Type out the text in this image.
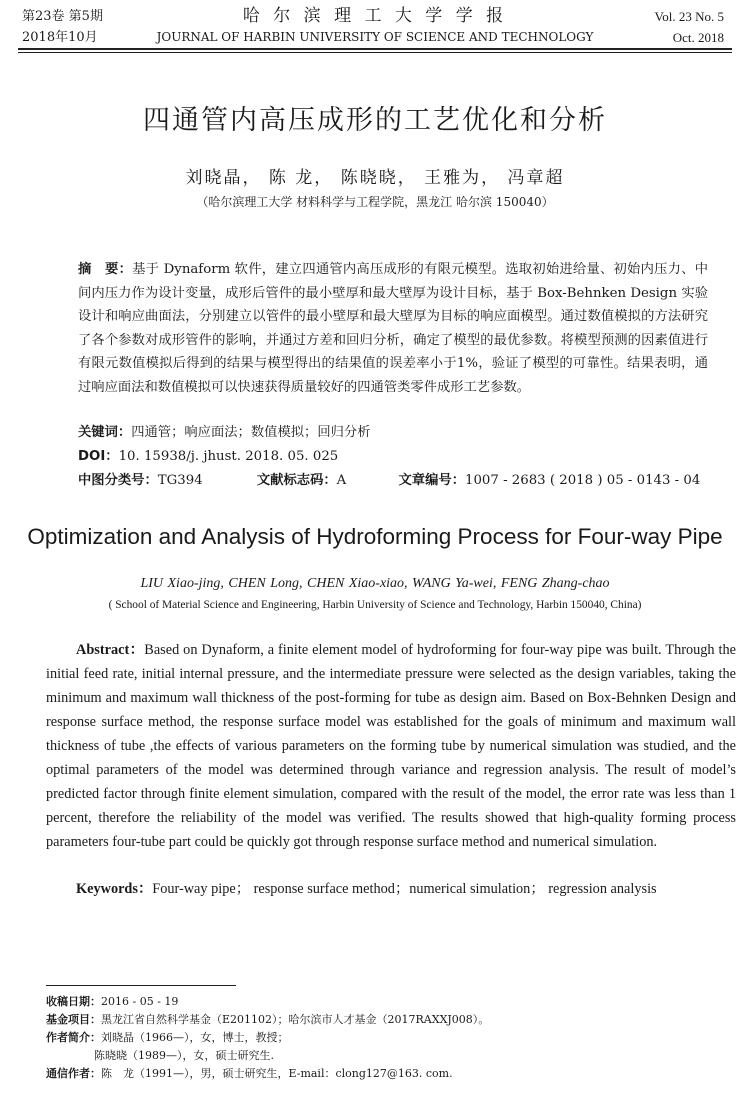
第23卷 第5期
2018年10月
哈 尔 滨 理 工 大 学 学 报
JOURNAL OF HARBIN UNIVERSITY OF SCIENCE AND TECHNOLOGY
Vol. 23 No. 5
Oct. 2018
四通管内高压成形的工艺优化和分析
刘晓晶， 陈 龙， 陈晓晓， 王雅为， 冯章超
（哈尔滨理工大学 材料科学与工程学院，黑龙江 哈尔滨 150040）
摘　要：基于 Dynaform 软件，建立四通管内高压成形的有限元模型。选取初始进给量、初始内压力、中间内压力作为设计变量，成形后管件的最小壁厚和最大壁厚为设计目标，基于 Box-Behnken Design 实验设计和响应曲面法，分别建立以管件的最小壁厚和最大壁厚为目标的响应面模型。通过数值模拟的方法研究了各个参数对成形管件的影响，并通过方差和回归分析，确定了模型的最优参数。将模型预测的因素值进行有限元数值模拟后得到的结果与模型得出的结果值的误差率小于1%，验证了模型的可靠性。结果表明，通过响应面法和数值模拟可以快速获得质量较好的四通管类零件成形工艺参数。
关键词：四通管；响应面法；数值模拟；回归分析
DOI：10. 15938/j. jhust. 2018. 05. 025
中图分类号：TG394	文献标志码：A	文章编号：1007 - 2683 ( 2018 ) 05 - 0143 - 04
Optimization and Analysis of Hydroforming Process for Four-way Pipe
LIU Xiao-jing, CHEN Long, CHEN Xiao-xiao, WANG Ya-wei, FENG Zhang-chao
( School of Material Science and Engineering, Harbin University of Science and Technology, Harbin 150040, China)
Abstract：Based on Dynaform, a finite element model of hydroforming for four-way pipe was built. Through the initial feed rate, initial internal pressure, and the intermediate pressure were selected as the design variables, taking the minimum and maximum wall thickness of the post-forming for tube as design aim. Based on Box-Behnken Design and response surface method, the response surface model was established for the goals of minimum and maximum wall thickness of tube ,the effects of various parameters on the forming tube by numerical simulation was studied, and the optimal parameters of the model was determined through variance and regression analysis. The result of model’s predicted factor through finite element simulation, compared with the result of the model, the error rate was less than 1 percent, therefore the reliability of the model was verified. The results showed that high-quality forming process parameters four-tube part could be quickly got through response surface method and numerical simulation.
Keywords：Four-way pipe； response surface method；numerical simulation； regression analysis
收稿日期：2016 - 05 - 19
基金项目：黑龙江省自然科学基金（E201102）；哈尔滨市人才基金（2017RAXXJ008）。
作者简介：刘晓晶（1966—），女，博士，教授；
陈晓晓（1989—），女，硕士研究生.
通信作者：陈　龙（1991—），男，硕士研究生，E-mail：clong127@163. com.
